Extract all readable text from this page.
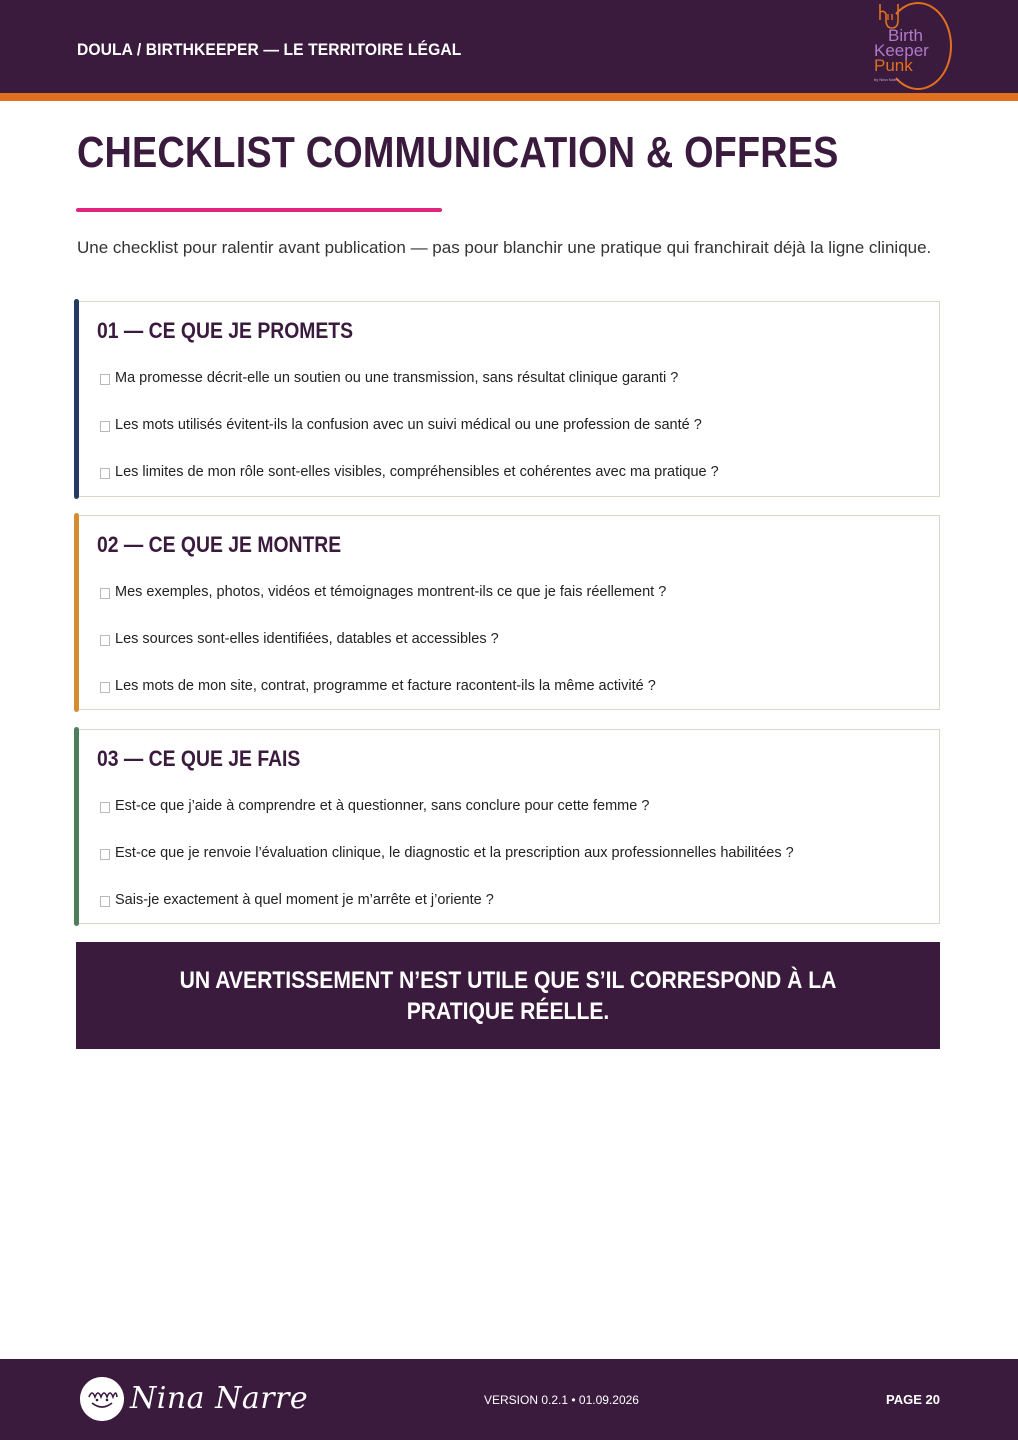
DOULA / BIRTHKEEPER — LE TERRITOIRE LÉGAL
Birth
Keeper
Punk
by Nina Narre
CHECKLIST COMMUNICATION & OFFRES

Une checklist pour ralentir avant publication — pas pour blanchir une pratique qui franchirait déjà la ligne clinique.

01 — CE QUE JE PROMETS
Ma promesse décrit-elle un soutien ou une transmission, sans résultat clinique garanti ?
Les mots utilisés évitent-ils la confusion avec un suivi médical ou une profession de santé ?
Les limites de mon rôle sont-elles visibles, compréhensibles et cohérentes avec ma pratique ?
02 — CE QUE JE MONTRE
Mes exemples, photos, vidéos et témoignages montrent-ils ce que je fais réellement ?
Les sources sont-elles identifiées, datables et accessibles ?
Les mots de mon site, contrat, programme et facture racontent-ils la même activité ?
03 — CE QUE JE FAIS
Est-ce que j’aide à comprendre et à questionner, sans conclure pour cette femme ?
Est-ce que je renvoie l’évaluation clinique, le diagnostic et la prescription aux professionnelles habilitées ?
Sais-je exactement à quel moment je m’arrête et j’oriente ?

UN AVERTISSEMENT N’EST UTILE QUE S’IL CORRESPOND À LA PRATIQUE RÉELLE.

Nina Narre	VERSION 0.2.1 • 01.09.2026	PAGE 20
